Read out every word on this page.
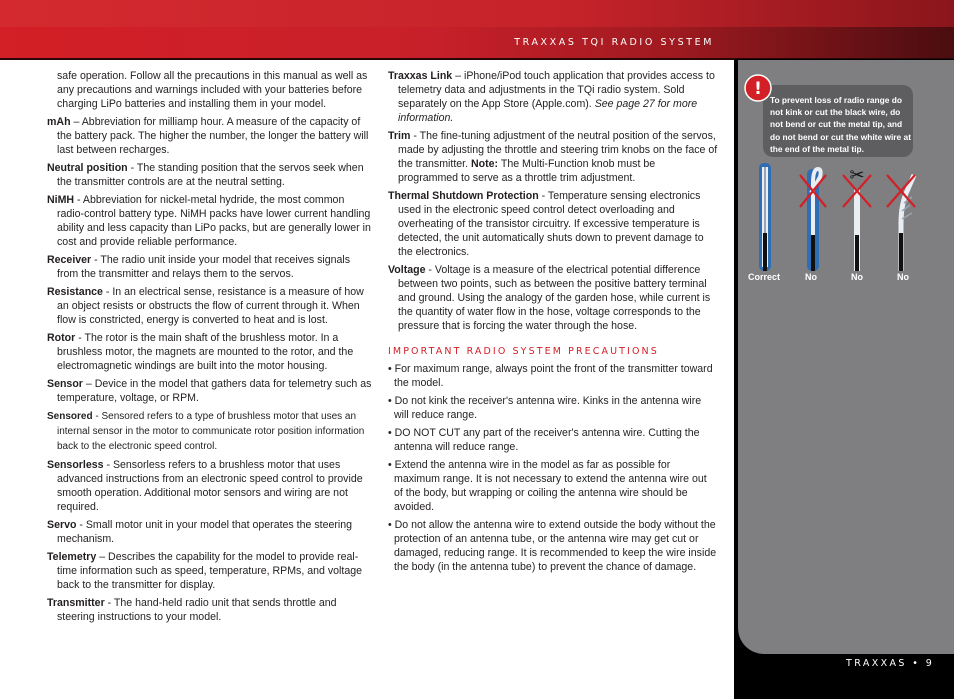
TRAXXAS TQI RADIO SYSTEM
!
To prevent loss of radio range do not kink or cut the black wire, do not bend or cut the metal tip, and do not bend or cut the white wire at the end of the metal tip.
✂
Correct	No	No	No
TRAXXAS • 9

safe operation. Follow all the precautions in this manual as well as any precautions and warnings included with your batteries before charging LiPo batteries and installing them in your model.

mAh – Abbreviation for milliamp hour. A measure of the capacity of the battery pack. The higher the number, the longer the battery will last between recharges.

Neutral position - The standing position that the servos seek when the transmitter controls are at the neutral setting.

NiMH - Abbreviation for nickel-metal hydride, the most common radio-control battery type. NiMH packs have lower current handling ability and less capacity than LiPo packs, but are generally lower in cost and provide reliable performance.

Receiver - The radio unit inside your model that receives signals from the transmitter and relays them to the servos.

Resistance - In an electrical sense, resistance is a measure of how an object resists or obstructs the flow of current through it. When flow is constricted, energy is converted to heat and is lost.

Rotor - The rotor is the main shaft of the brushless motor. In a brushless motor, the magnets are mounted to the rotor, and the electromagnetic windings are built into the motor housing.

Sensor – Device in the model that gathers data for telemetry such as temperature, voltage, or RPM.

Sensored - Sensored refers to a type of brushless motor that uses an internal sensor in the motor to communicate rotor position information back to the electronic speed control.

Sensorless - Sensorless refers to a brushless motor that uses advanced instructions from an electronic speed control to provide smooth operation. Additional motor sensors and wiring are not required.

Servo - Small motor unit in your model that operates the steering mechanism.

Telemetry – Describes the capability for the model to provide real-time information such as speed, temperature, RPMs, and voltage back to the transmitter for display.

Transmitter - The hand-held radio unit that sends throttle and steering instructions to your model.

Traxxas Link – iPhone/iPod touch application that provides access to telemetry data and adjustments in the TQi radio system. Sold separately on the App Store (Apple.com). See page 27 for more information.

Trim - The fine-tuning adjustment of the neutral position of the servos, made by adjusting the throttle and steering trim knobs on the face of the transmitter. Note: The Multi-Function knob must be programmed to serve as a throttle trim adjustment.

Thermal Shutdown Protection - Temperature sensing electronics used in the electronic speed control detect overloading and overheating of the transistor circuitry. If excessive temperature is detected, the unit automatically shuts down to prevent damage to the electronics.

Voltage - Voltage is a measure of the electrical potential difference between two points, such as between the positive battery terminal and ground. Using the analogy of the garden hose, while current is the quantity of water flow in the hose, voltage corresponds to the pressure that is forcing the water through the hose.

IMPORTANT RADIO SYSTEM PRECAUTIONS

• For maximum range, always point the front of the transmitter toward the model.

• Do not kink the receiver's antenna wire. Kinks in the antenna wire will reduce range.

• DO NOT CUT any part of the receiver's antenna wire. Cutting the antenna will reduce range.

• Extend the antenna wire in the model as far as possible for maximum range. It is not necessary to extend the antenna wire out of the body, but wrapping or coiling the antenna wire should be avoided.

• Do not allow the antenna wire to extend outside the body without the protection of an antenna tube, or the antenna wire may get cut or damaged, reducing range. It is recommended to keep the wire inside the body (in the antenna tube) to prevent the chance of damage.
